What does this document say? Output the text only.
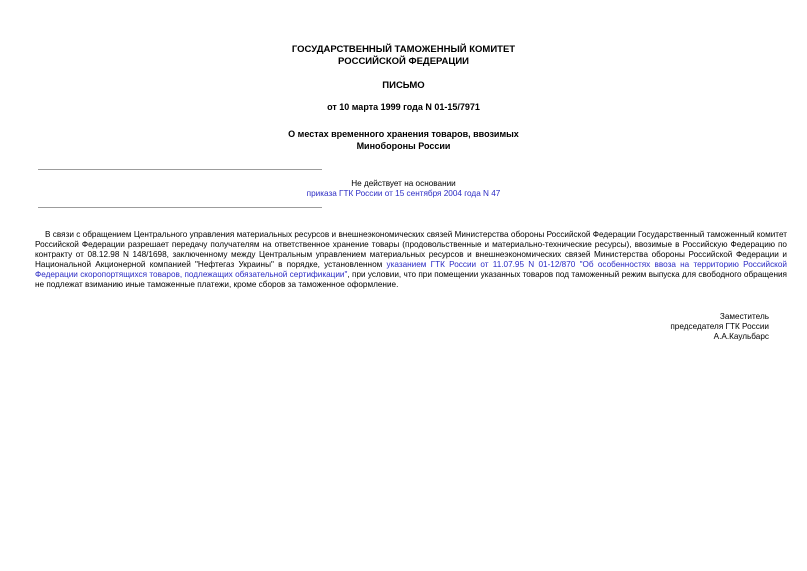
ГОСУДАРСТВЕННЫЙ ТАМОЖЕННЫЙ КОМИТЕТ
РОССИЙСКОЙ ФЕДЕРАЦИИ
ПИСЬМО
от 10 марта 1999 года N 01-15/7971
О местах временного хранения товаров, ввозимых
Минобороны России
Не действует на основании
приказа ГТК России от 15 сентября 2004 года N 47

В связи с обращением Центрального управления материальных ресурсов и внешнеэкономических связей Министерства обороны Российской Федерации Государственный таможенный комитет Российской Федерации разрешает передачу получателям на ответственное хранение товары (продовольственные и материально-технические ресурсы), ввозимые в Российскую Федерацию по контракту от 08.12.98 N 148/1698, заключенному между Центральным управлением материальных ресурсов и внешнеэкономических связей Министерства обороны Российской Федерации и Национальной Акционерной компанией "Нефтегаз Украины" в порядке, установленном указанием ГТК России от 11.07.95 N 01-12/870 "Об особенностях ввоза на территорию Российской Федерации скоропортящихся товаров, подлежащих обязательной сертификации", при условии, что при помещении указанных товаров под таможенный режим выпуска для свободного обращения не подлежат взиманию иные таможенные платежи, кроме сборов за таможенное оформление.

Заместитель
председателя ГТК России
А.А.Каульбарс
